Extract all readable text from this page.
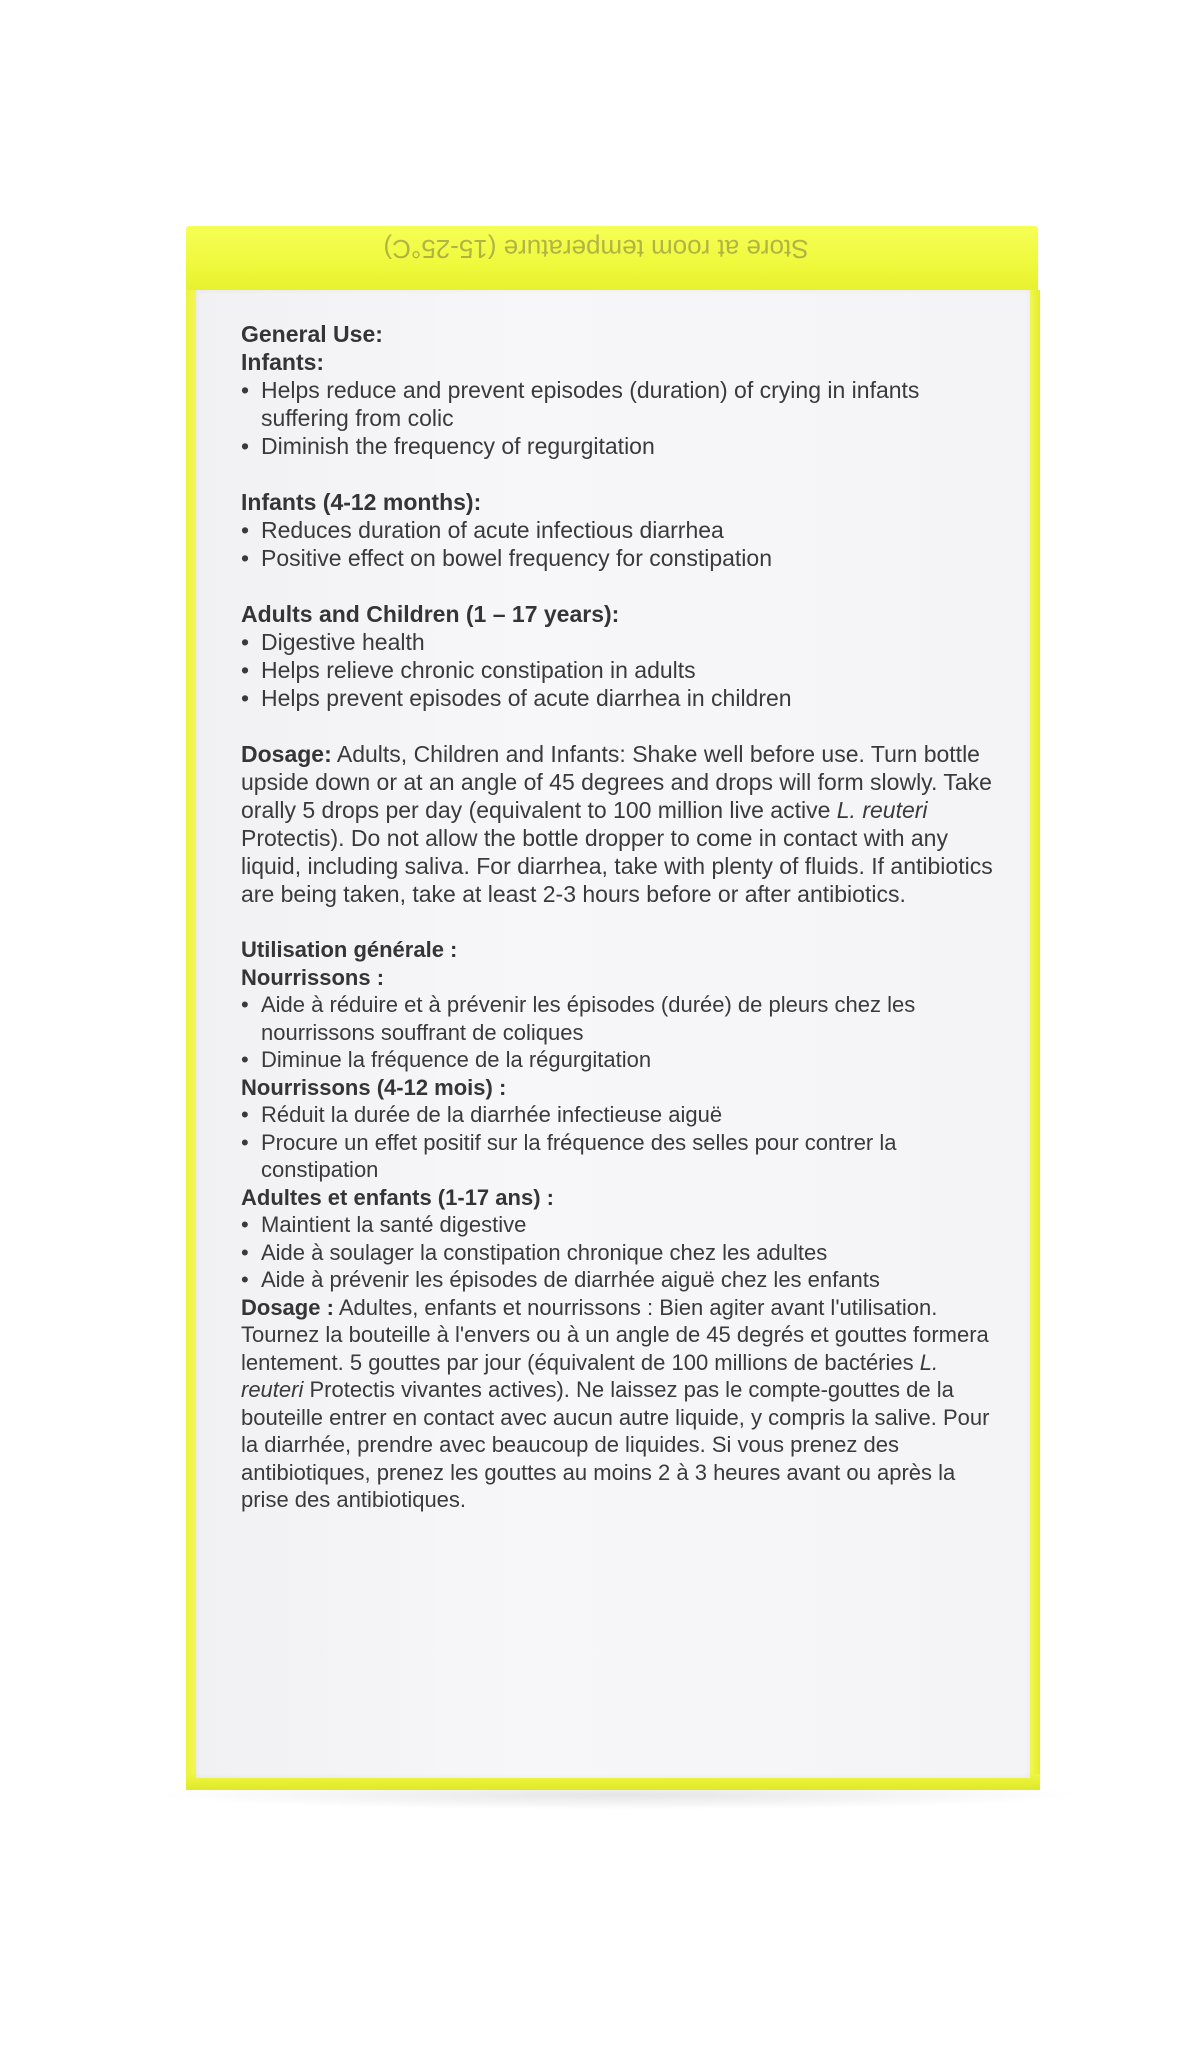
Store at room temperature (15-25°C)
General Use:
Infants:
• Helps reduce and prevent episodes (duration) of crying in infants suffering from colic
• Diminish the frequency of regurgitation
Infants (4-12 months):
• Reduces duration of acute infectious diarrhea
• Positive effect on bowel frequency for constipation
Adults and Children (1 – 17 years):
• Digestive health
• Helps relieve chronic constipation in adults
• Helps prevent episodes of acute diarrhea in children

Dosage: Adults, Children and Infants: Shake well before use. Turn bottle upside down or at an angle of 45 degrees and drops will form slowly. Take orally 5 drops per day (equivalent to 100 million live active L. reuteri Protectis). Do not allow the bottle dropper to come in contact with any liquid, including saliva. For diarrhea, take with plenty of fluids. If antibiotics are being taken, take at least 2-3 hours before or after antibiotics.

Utilisation générale :
Nourrissons :
• Aide à réduire et à prévenir les épisodes (durée) de pleurs chez les nourrissons souffrant de coliques
• Diminue la fréquence de la régurgitation
Nourrissons (4-12 mois) :
• Réduit la durée de la diarrhée infectieuse aiguë
• Procure un effet positif sur la fréquence des selles pour contrer la constipation
Adultes et enfants (1-17 ans) :
• Maintient la santé digestive
• Aide à soulager la constipation chronique chez les adultes
• Aide à prévenir les épisodes de diarrhée aiguë chez les enfants

Dosage : Adultes, enfants et nourrissons : Bien agiter avant l'utilisation. Tournez la bouteille à l'envers ou à un angle de 45 degrés et gouttes formera lentement. 5 gouttes par jour (équivalent de 100 millions de bactéries L. reuteri Protectis vivantes actives). Ne laissez pas le compte-gouttes de la bouteille entrer en contact avec aucun autre liquide, y compris la salive. Pour la diarrhée, prendre avec beaucoup de liquides. Si vous prenez des antibiotiques, prenez les gouttes au moins 2 à 3 heures avant ou après la prise des antibiotiques.
